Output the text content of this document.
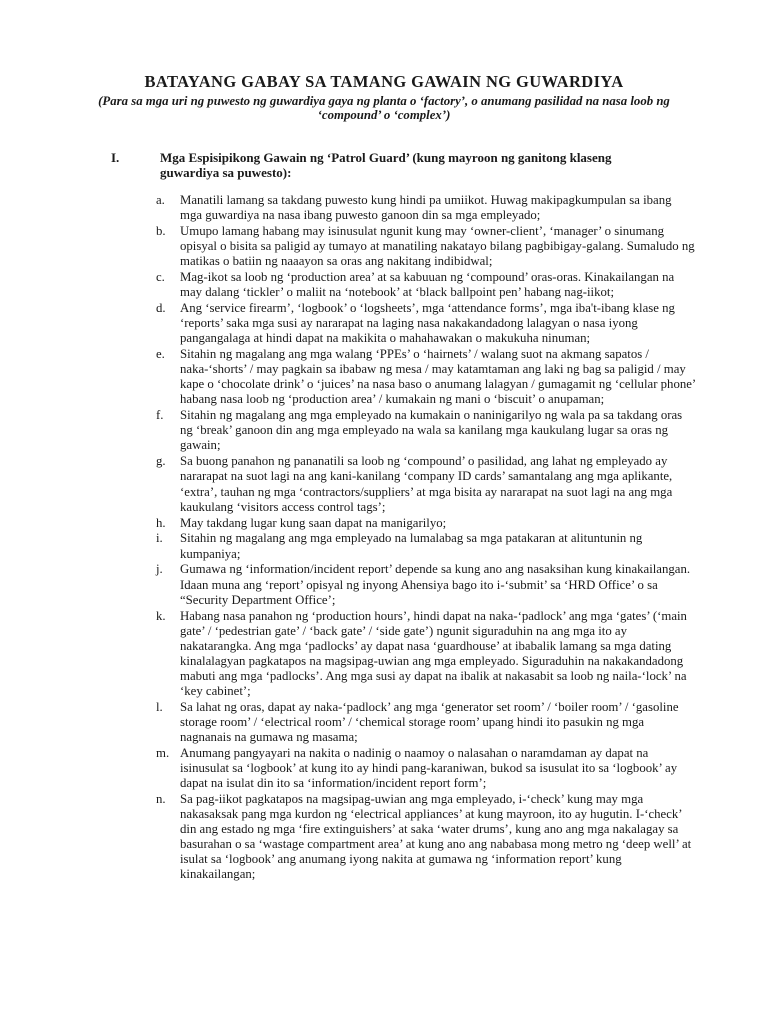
BATAYANG GABAY SA TAMANG GAWAIN NG GUWARDIYA
(Para sa mga uri ng puwesto ng guwardiya gaya ng planta o ‘factory’, o anumang pasilidad na nasa loob ng ‘compound’ o ‘complex’)
I.	Mga Espisipikong Gawain ng ‘Patrol Guard’ (kung mayroon ng ganitong klaseng guwardiya sa puwesto):
a.	Manatili lamang sa takdang puwesto kung hindi pa umiikot. Huwag makipagkumpulan sa ibang mga guwardiya na nasa ibang puwesto ganoon din sa mga empleyado;
b.	Umupo lamang habang may isinusulat ngunit kung may ‘owner-client’, ‘manager’ o sinumang opisyal o bisita sa paligid ay tumayo at manatiling nakatayo bilang pagbibigay-galang. Sumaludo ng matikas o batiin ng naaayon sa oras ang nakitang indibidwal;
c.	Mag-ikot sa loob ng ‘production area’ at sa kabuuan ng ‘compound’ oras-oras. Kinakailangan na may dalang ‘tickler’ o maliit na ‘notebook’ at ‘black ballpoint pen’ habang nag-iikot;
d.	Ang ‘service firearm’, ‘logbook’ o ‘logsheets’, mga ‘attendance forms’, mga iba't-ibang klase ng ‘reports’ saka mga susi ay nararapat na laging nasa nakakandadong lalagyan o nasa iyong pangangalaga at hindi dapat na makikita o mahahawakan o makukuha ninuman;
e.	Sitahin ng magalang ang mga walang ‘PPEs’ o ‘hairnets’ / walang suot na akmang sapatos / naka-‘shorts’ / may pagkain sa ibabaw ng mesa / may katamtaman ang laki ng bag sa paligid / may kape o ‘chocolate drink’ o ‘juices’ na nasa baso o anumang lalagyan / gumagamit ng ‘cellular phone’ habang nasa loob ng ‘production area’ / kumakain ng mani o ‘biscuit’ o anupaman;
f.	Sitahin ng magalang ang mga empleyado na kumakain o naninigarilyo ng wala pa sa takdang oras ng ‘break’ ganoon din ang mga empleyado na wala sa kanilang mga kaukulang lugar sa oras ng gawain;
g.	Sa buong panahon ng pananatili sa loob ng ‘compound’ o pasilidad, ang lahat ng empleyado ay nararapat na suot lagi na ang kani-kanilang ‘company ID cards’ samantalang ang mga aplikante, ‘extra’, tauhan ng mga ‘contractors/suppliers’ at mga bisita ay nararapat na suot lagi na ang mga kaukulang ‘visitors access control tags’;
h.	May takdang lugar kung saan dapat na manigarilyo;
i.	Sitahin ng magalang ang mga empleyado na lumalabag sa mga patakaran at alituntunin ng kumpaniya;
j.	Gumawa ng ‘information/incident report’ depende sa kung ano ang nasaksihan kung kinakailangan. Idaan muna ang ‘report’ opisyal ng inyong Ahensiya bago ito i-‘submit’ sa ‘HRD Office’ o sa “Security Department Office’;
k.	Habang nasa panahon ng ‘production hours’, hindi dapat na naka-‘padlock’ ang mga ‘gates’ (‘main gate’ / ‘pedestrian gate’ / ‘back gate’ / ‘side gate’) ngunit siguraduhin na ang mga ito ay nakatarangka. Ang mga ‘padlocks’ ay dapat nasa ‘guardhouse’ at ibabalik lamang sa mga dating kinalalagyan pagkatapos na magsipag-uwian ang mga empleyado. Siguraduhin na nakakandadong mabuti ang mga ‘padlocks’. Ang mga susi ay dapat na ibalik at nakasabit sa loob ng naila-‘lock’ na ‘key cabinet’;
l.	Sa lahat ng oras, dapat ay naka-‘padlock’ ang mga ‘generator set room’ / ‘boiler room’ / ‘gasoline storage room’ / ‘electrical room’ / ‘chemical storage room’ upang hindi ito pasukin ng mga nagnanais na gumawa ng masama;
m. Anumang pangyayari na nakita o nadinig o naamoy o nalasahan o naramdaman ay dapat na isinusulat sa ‘logbook’ at kung ito ay hindi pang-karaniwan, bukod sa isusulat ito sa ‘logbook’ ay dapat na isulat din ito sa ‘information/incident report form’;
n.	Sa pag-iikot pagkatapos na magsipag-uwian ang mga empleyado, i-‘check’ kung may mga nakasaksak pang mga kurdon ng ‘electrical appliances’ at kung mayroon, ito ay hugutin. I-‘check’ din ang estado ng mga ‘fire extinguishers’ at saka ‘water drums’, kung ano ang mga nakalagay sa basurahan o sa ‘wastage compartment area’ at kung ano ang nababasa mong metro ng ‘deep well’ at isulat sa ‘logbook’ ang anumang iyong nakita at gumawa ng ‘information report’ kung kinakailangan;
